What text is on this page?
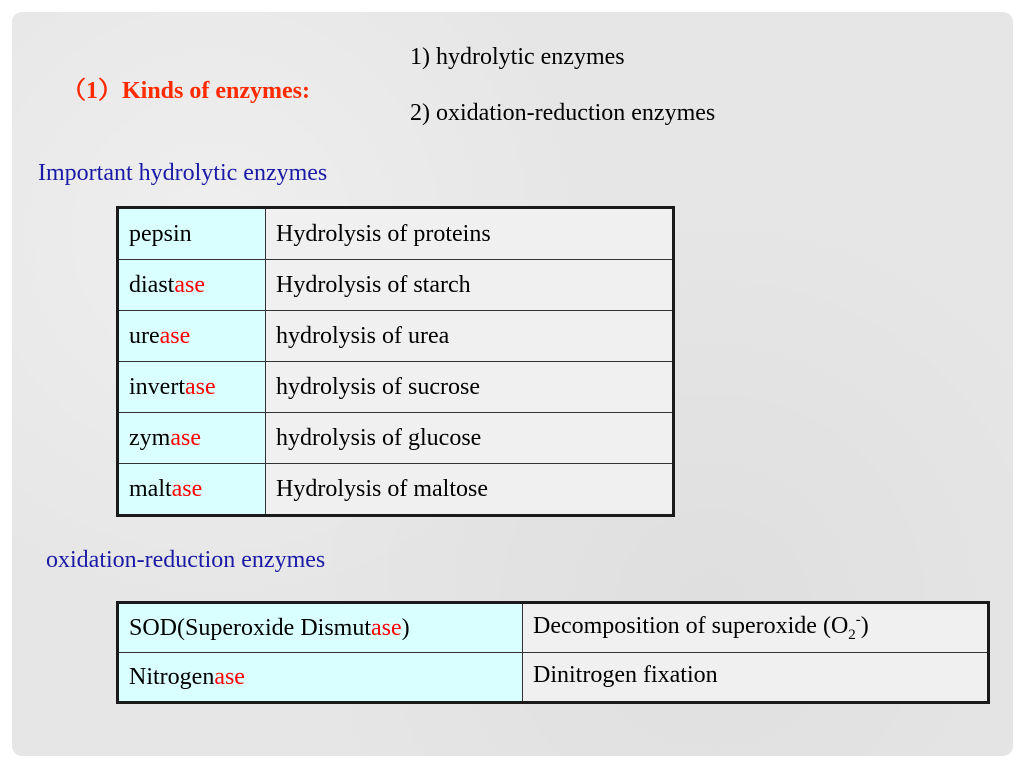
（1）Kinds of enzymes:
1) hydrolytic enzymes
2) oxidation-reduction enzymes
Important hydrolytic enzymes
pepsin	Hydrolysis of proteins
diastase	Hydrolysis of starch
urease	hydrolysis of urea
invertase	hydrolysis of sucrose
zymase	hydrolysis of glucose
maltase	Hydrolysis of maltose
oxidation-reduction enzymes
SOD(Superoxide Dismutase)	Decomposition of superoxide $(O_2^-)$
Nitrogenase	Dinitrogen fixation
